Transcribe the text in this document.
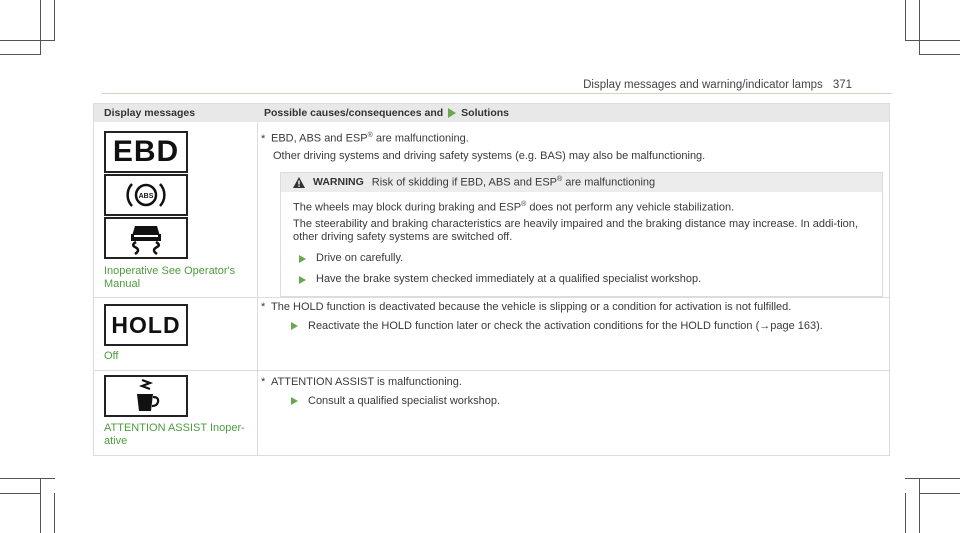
Display messages and warning/indicator lamps 371
Display messages	Possible causes/consequences and Solutions
EBD
ABS
Inoperative See Operator's Manual
* EBD, ABS and ESP® are malfunctioning.
Other driving systems and driving safety systems (e.g. BAS) may also be malfunctioning.
WARNING Risk of skidding if EBD, ABS and ESP® are malfunctioning
The wheels may block during braking and ESP® does not perform any vehicle stabilization.
The steerability and braking characteristics are heavily impaired and the braking distance may increase. In addi-tion, other driving safety systems are switched off.
Drive on carefully.
Have the brake system checked immediately at a qualified specialist workshop.
HOLD
Off
* The HOLD function is deactivated because the vehicle is slipping or a condition for activation is not fulfilled.
Reactivate the HOLD function later or check the activation conditions for the HOLD function (→page 163).
ATTENTION ASSIST Inoper-ative
* ATTENTION ASSIST is malfunctioning.
Consult a qualified specialist workshop.
